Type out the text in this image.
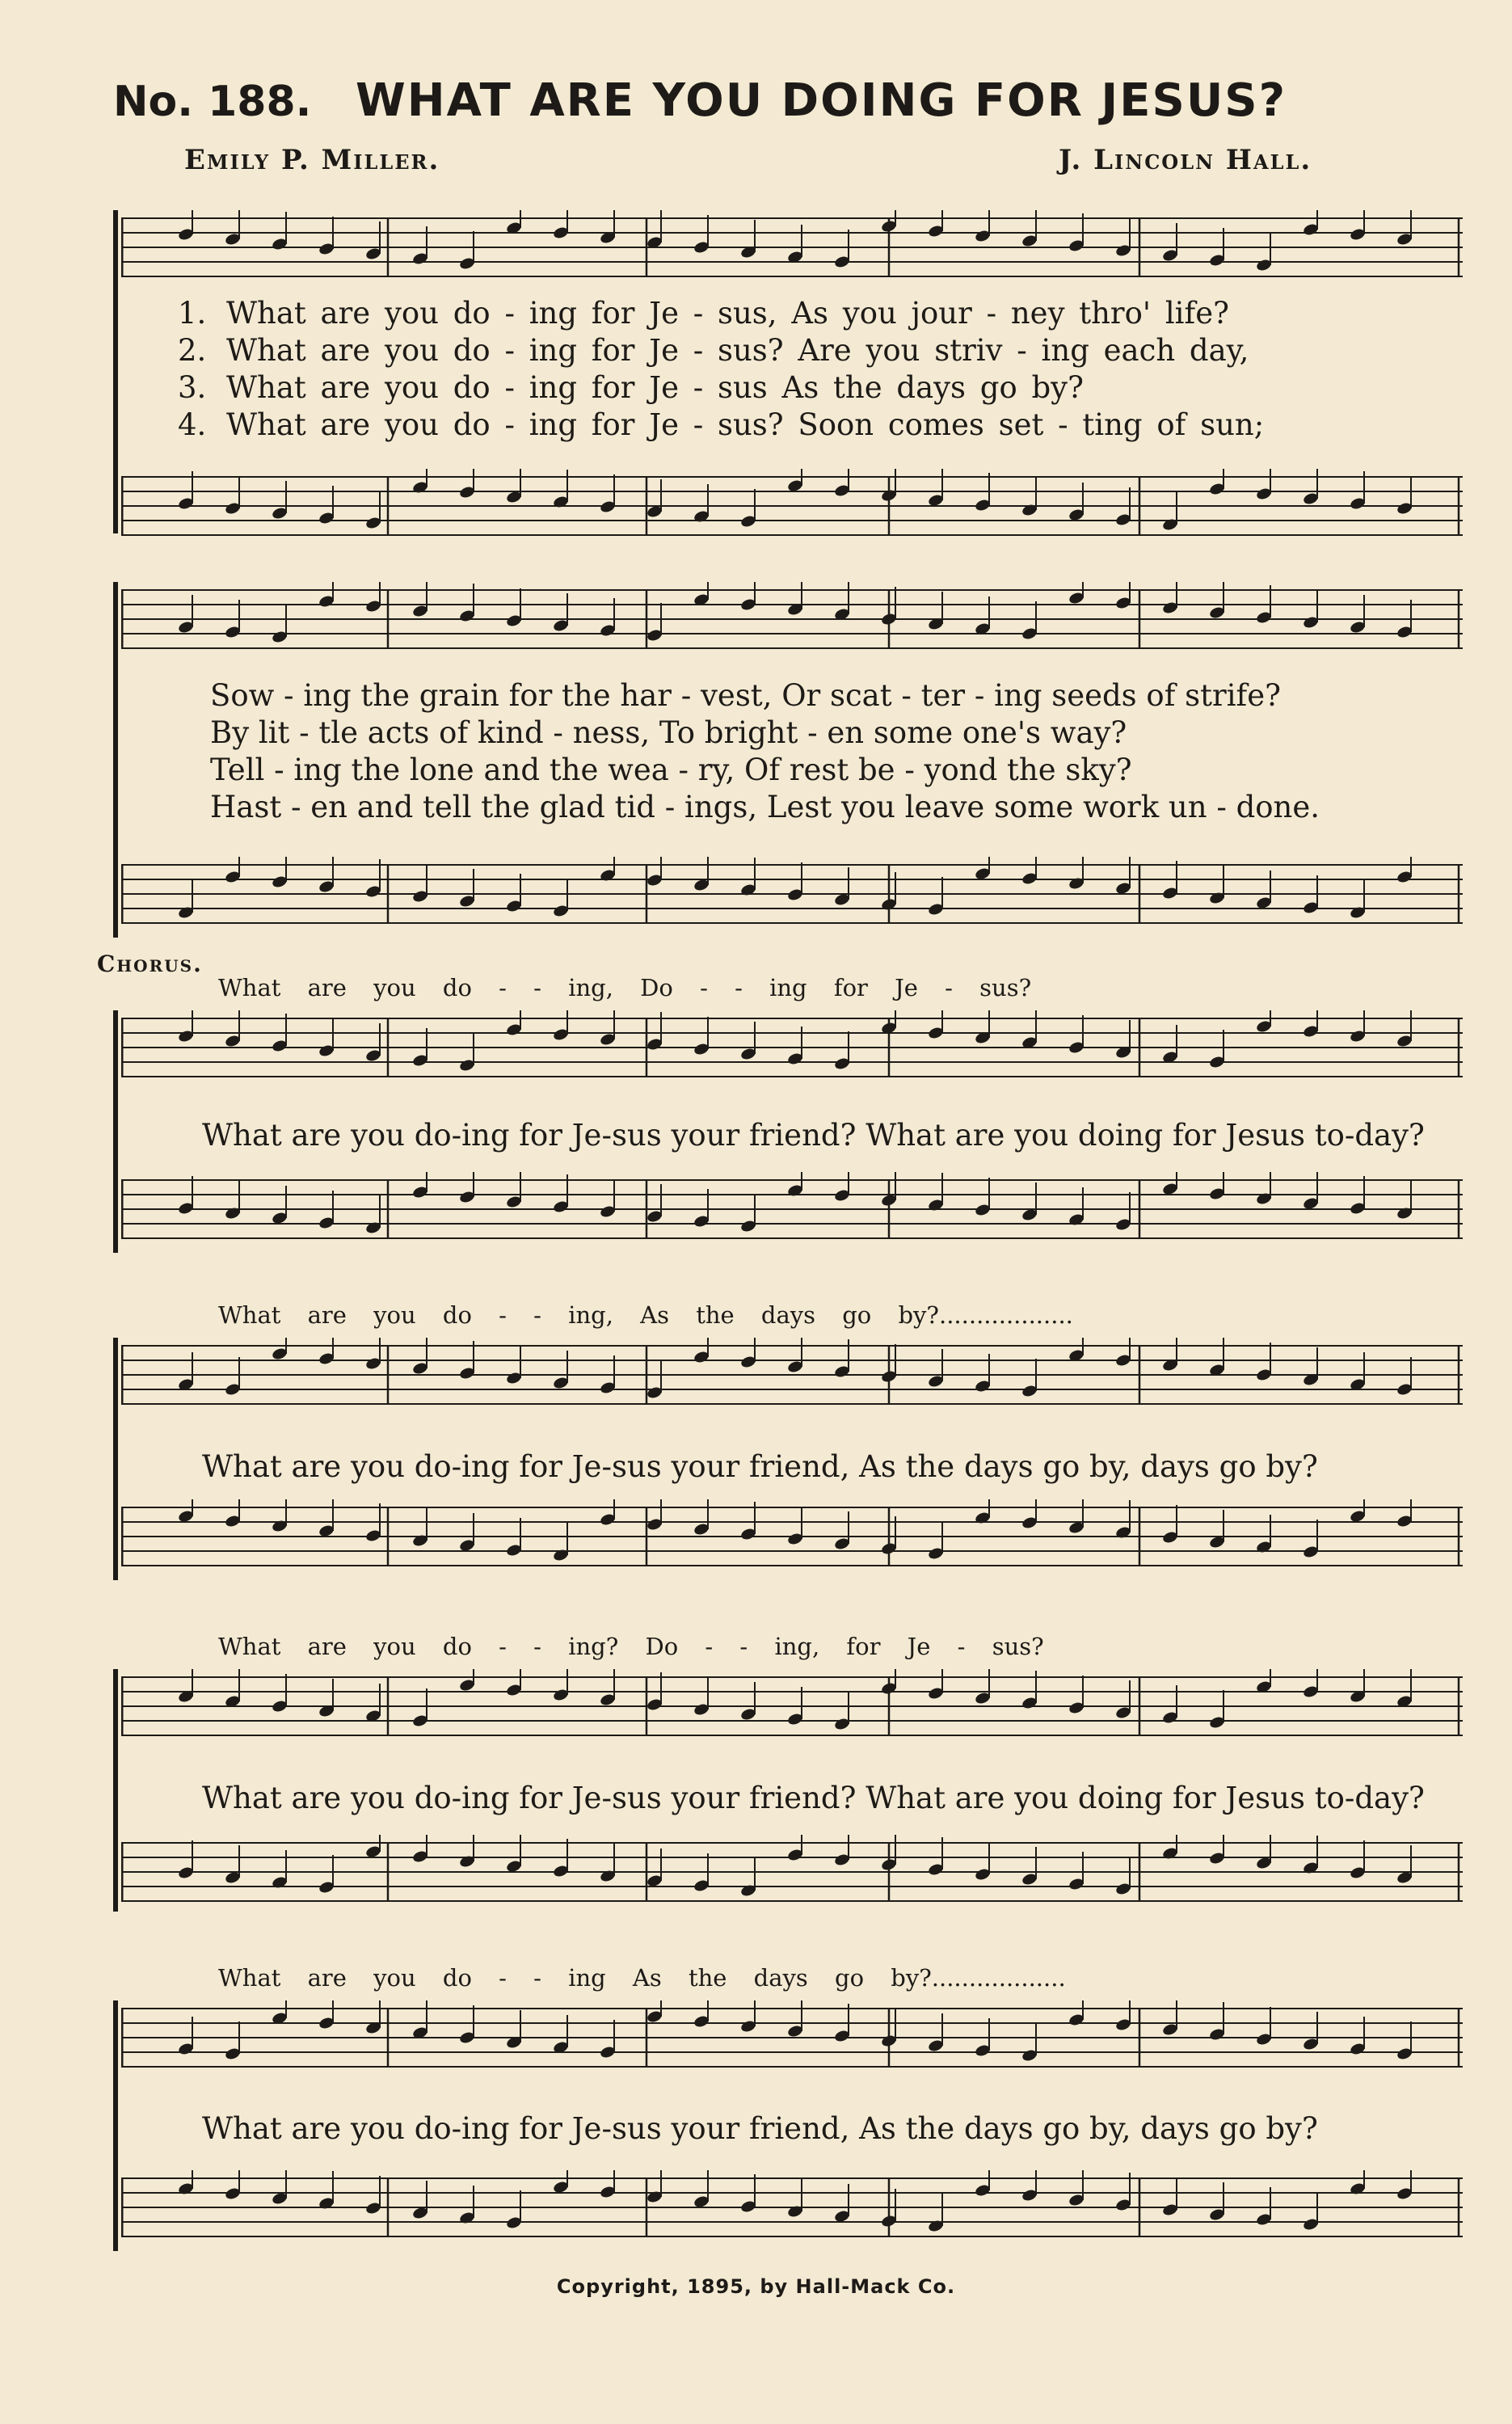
No. 188. WHAT ARE YOU DOING FOR JESUS?
Emily P. Miller.	J. Lincoln Hall.
1. What are you do - ing for Je - sus, As you jour - ney thro' life?
2. What are you do - ing for Je - sus? Are you striv - ing each day,
3. What are you do - ing for Je - sus As the days go by?
4. What are you do - ing for Je - sus? Soon comes set - ting of sun;
Sow - ing the grain for the har - vest, Or scat - ter - ing seeds of strife?
By lit - tle acts of kind - ness, To bright - en some one's way?
Tell - ing the lone and the wea - ry, Of rest be - yond the sky?
Hast - en and tell the glad tid - ings, Lest you leave some work un - done.
Chorus.
What are you do - - ing, Do - - ing for Je - sus?
What are you do-ing for Je-sus your friend? What are you doing for Jesus to-day?
What are you do - - ing, As the days go by?..................
What are you do-ing for Je-sus your friend, As the days go by, days go by?
What are you do - - ing? Do - - ing, for Je - sus?
What are you do-ing for Je-sus your friend? What are you doing for Jesus to-day?
What are you do - - ing As the days go by?..................
What are you do-ing for Je-sus your friend, As the days go by, days go by?
Copyright, 1895, by Hall-Mack Co.
